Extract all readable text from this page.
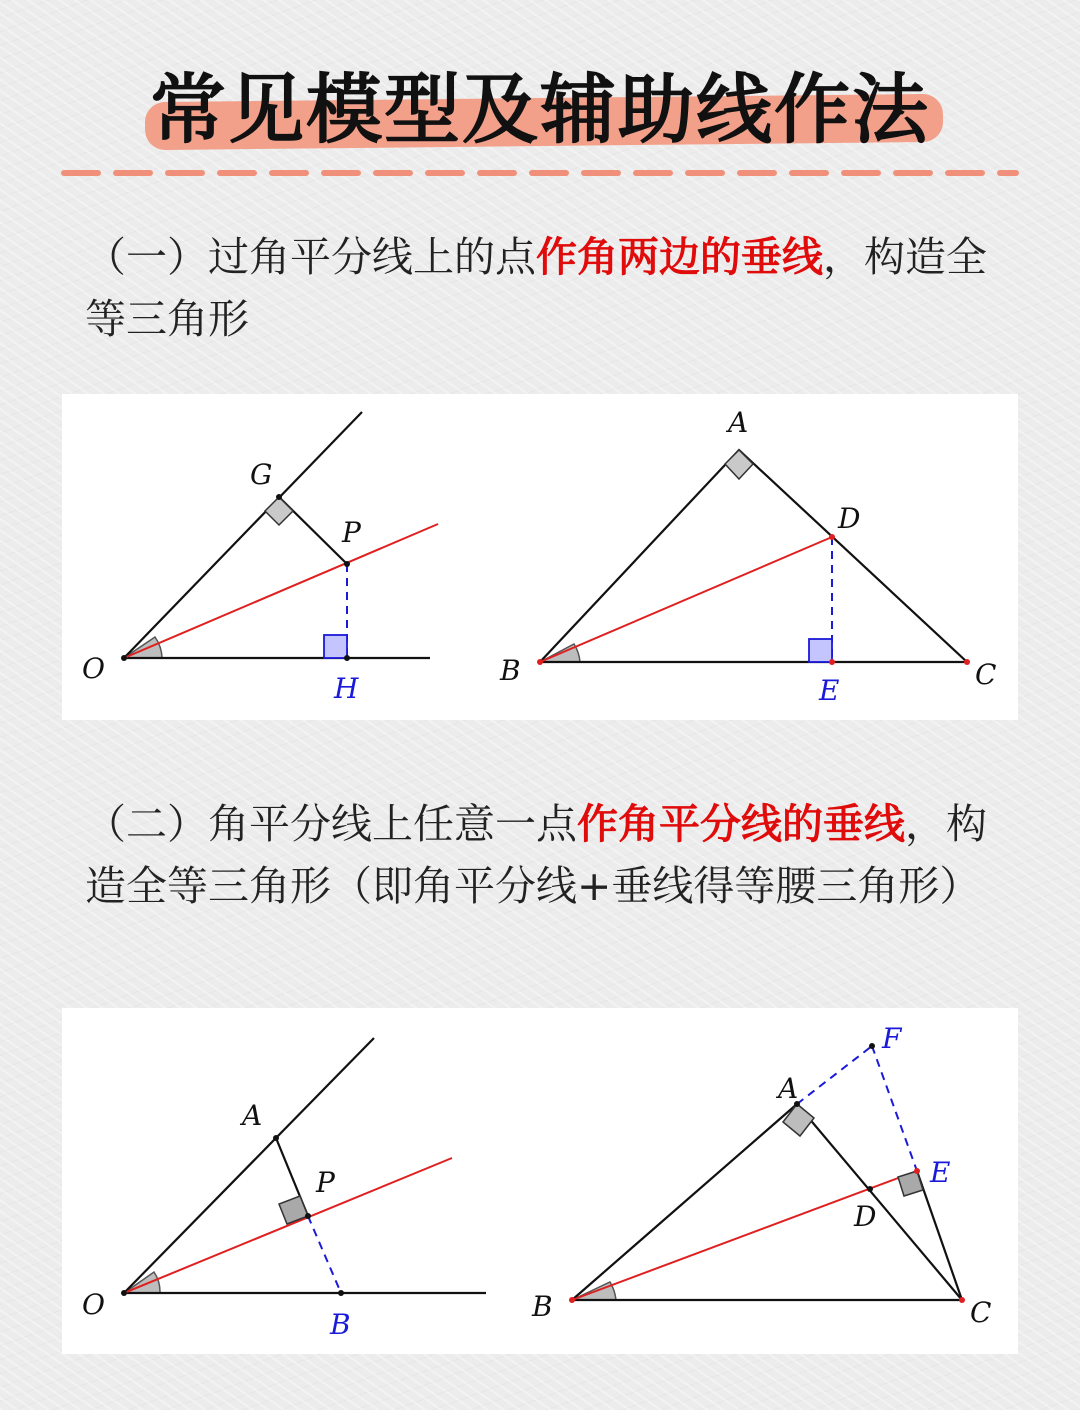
常见模型及辅助线作法
（一）过角平分线上的点作角两边的垂线，构造全等三角形
O
G
P
H
A
B	C
D
E
（二）角平分线上任意一点作角平分线的垂线，构造全等三角形（即角平分线+垂线得等腰三角形）
O
A
P
B
A
B	C
D
E
F
